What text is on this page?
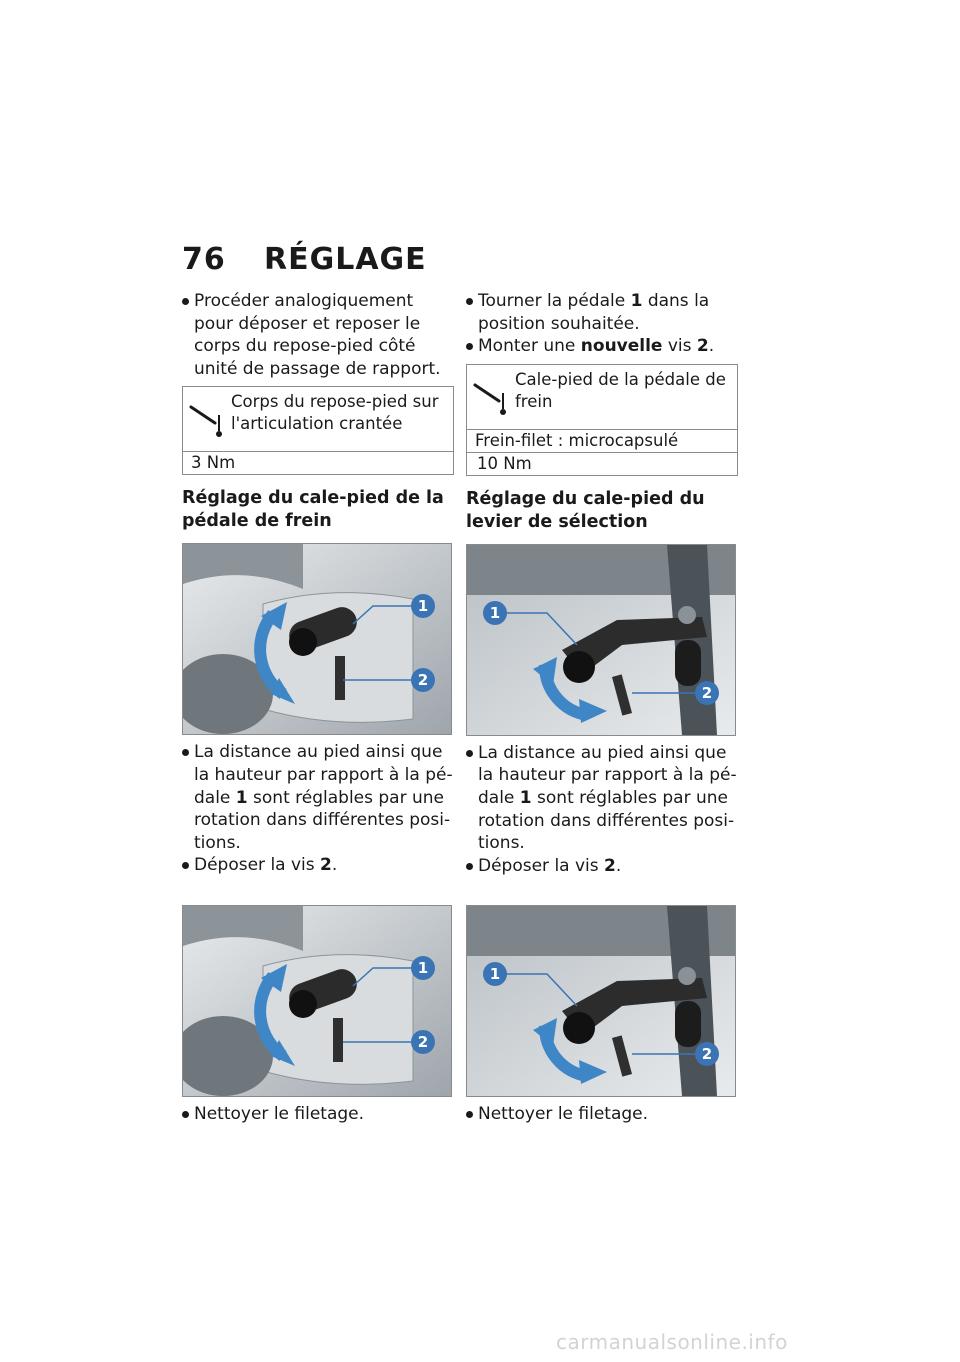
76 RÉGLAGE

Procéder analogiquement pour déposer et reposer le corps du repose-pied côté unité de passage de rapport.

Corps du repose-pied sur l'articulation crantée
3 Nm
Réglage du cale-pied de la pédale de frein
1
2

La distance au pied ainsi que la hauteur par rapport à la pé-dale 1 sont réglables par une rotation dans différentes posi-tions.

Déposer la vis 2.

1
2

Nettoyer le filetage.

Tourner la pédale 1 dans la position souhaitée.

Monter une nouvelle vis 2.

Cale-pied de la pédale de frein
Frein-filet : microcapsulé
10 Nm
Réglage du cale-pied du levier de sélection
1
2

La distance au pied ainsi que la hauteur par rapport à la pé-dale 1 sont réglables par une rotation dans différentes posi-tions.

Déposer la vis 2.

1
2

Nettoyer le filetage.

carmanualsonline.info
